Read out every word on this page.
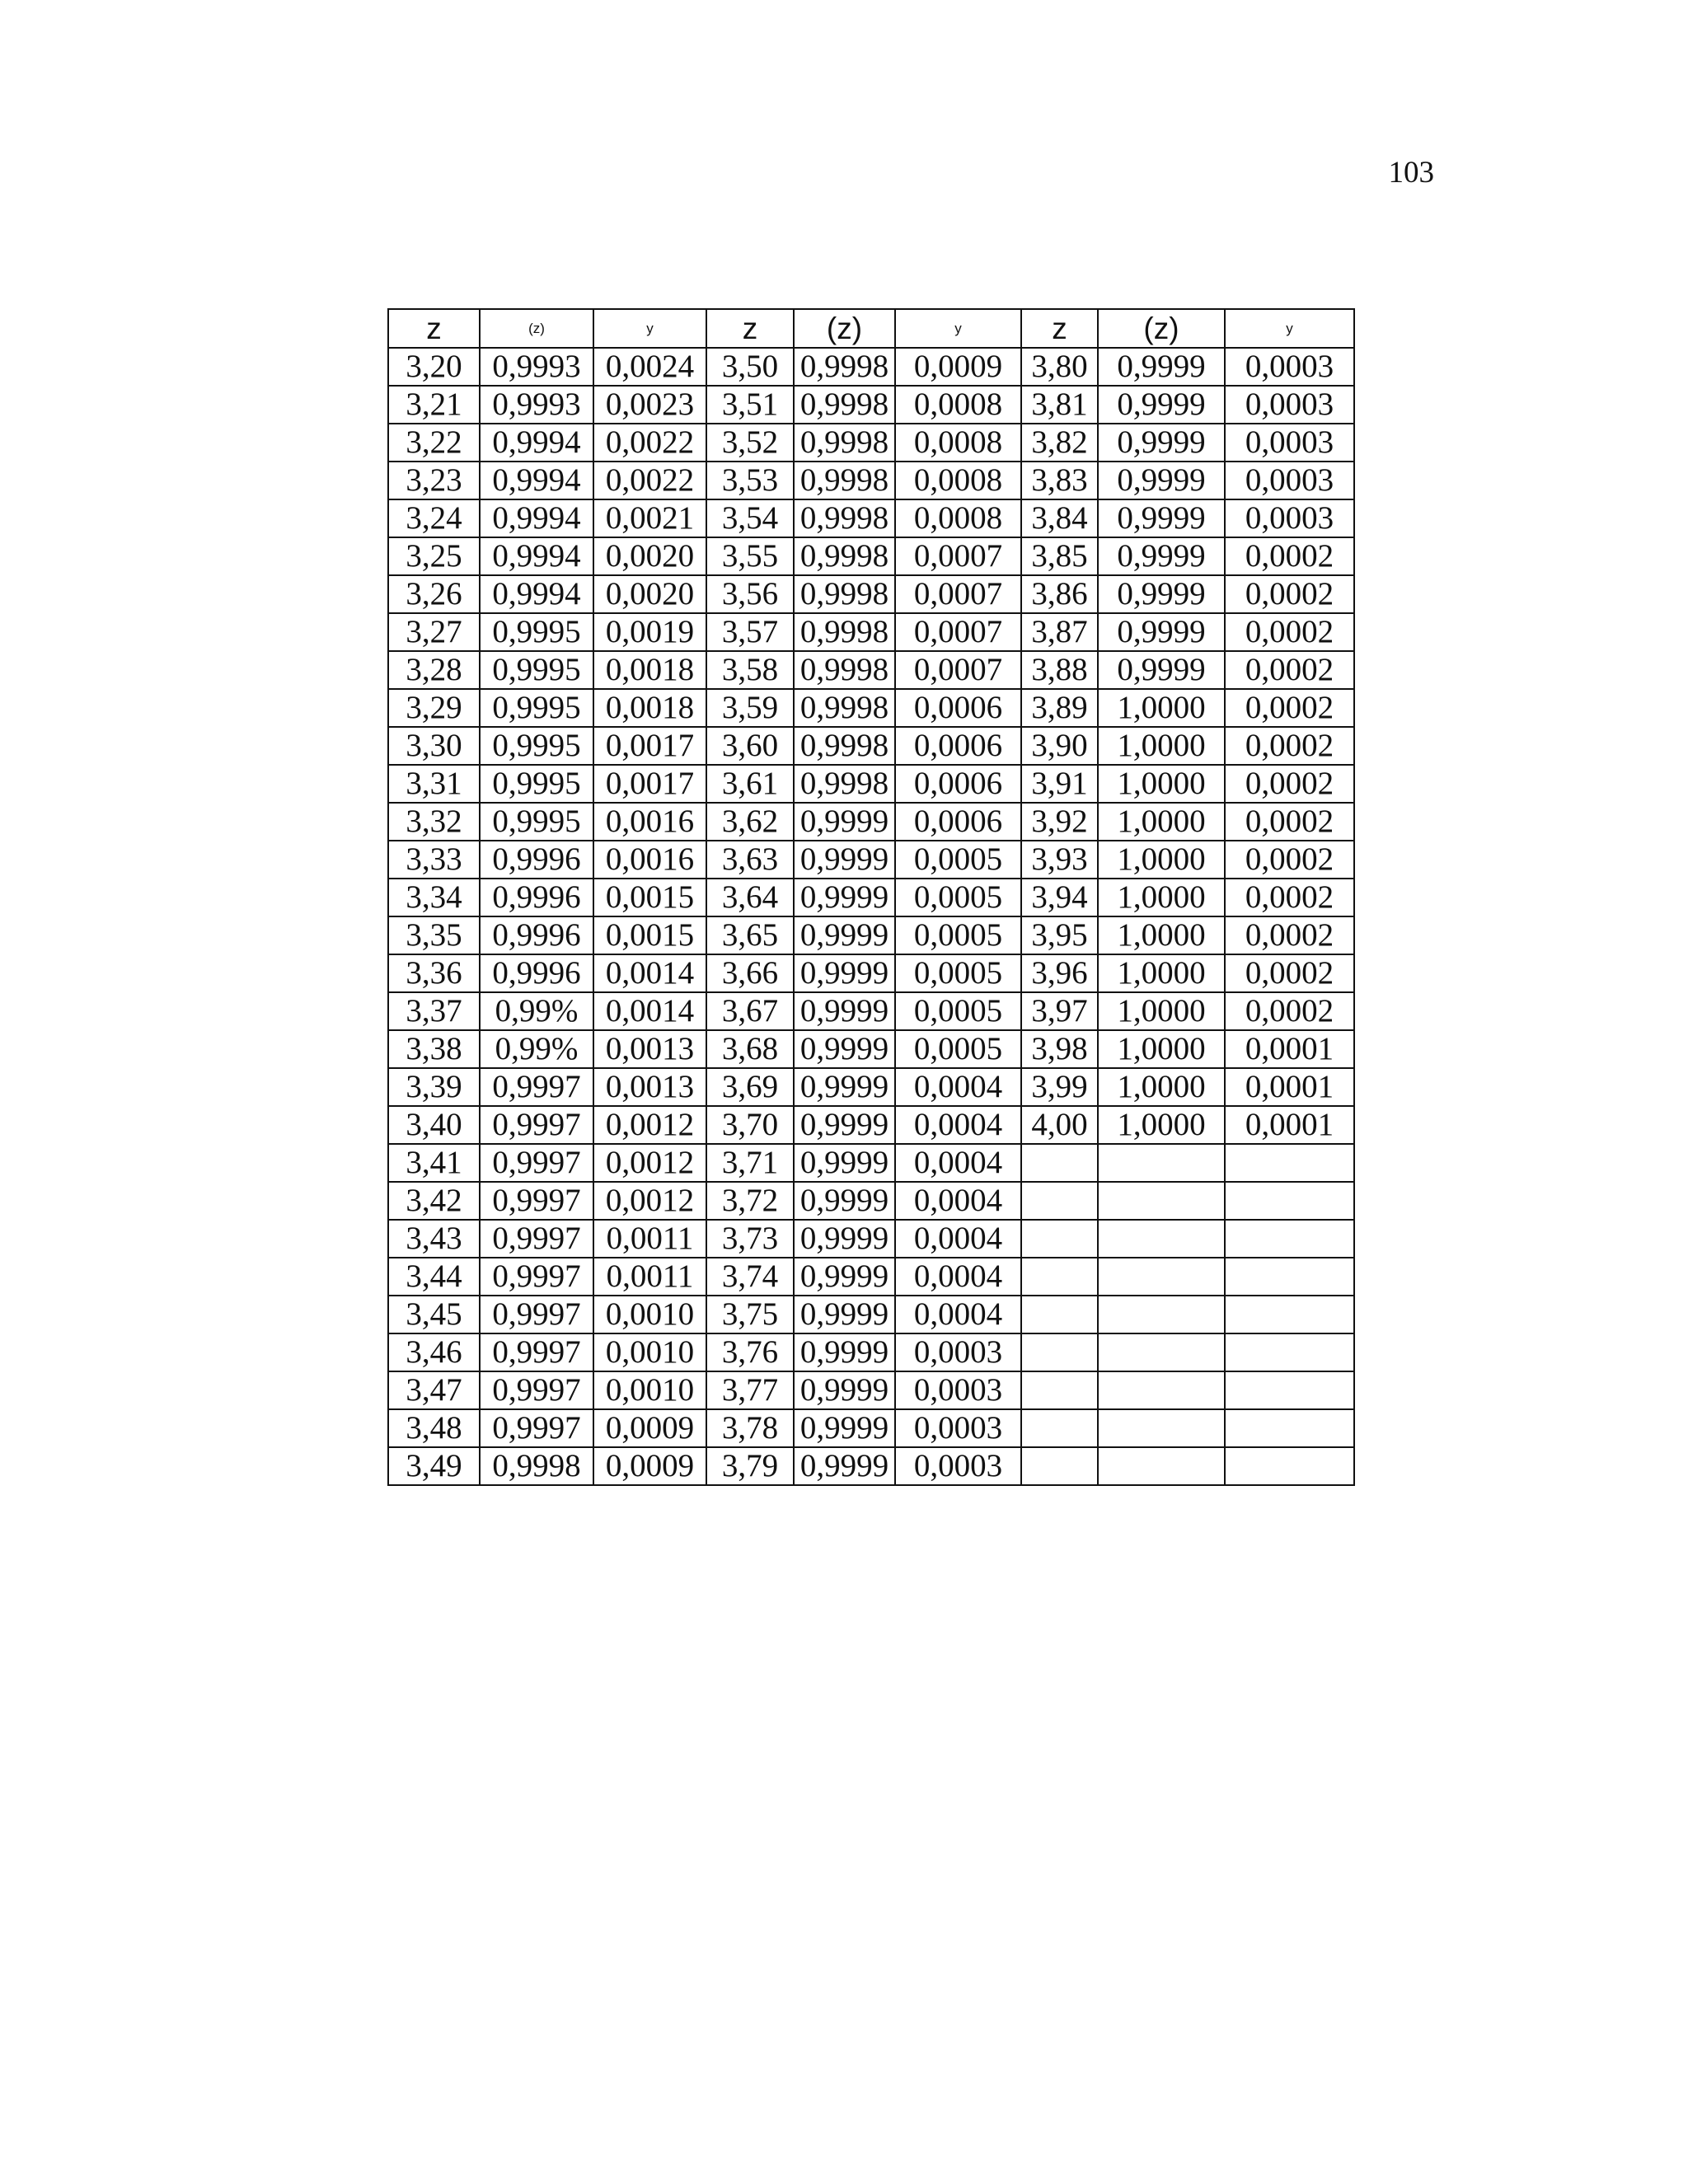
103
z	(z)	y	z	(z)	y	z	(z)	y
3,20	0,9993	0,0024	3,50	0,9998	0,0009	3,80	0,9999	0,0003
3,21	0,9993	0,0023	3,51	0,9998	0,0008	3,81	0,9999	0,0003
3,22	0,9994	0,0022	3,52	0,9998	0,0008	3,82	0,9999	0,0003
3,23	0,9994	0,0022	3,53	0,9998	0,0008	3,83	0,9999	0,0003
3,24	0,9994	0,0021	3,54	0,9998	0,0008	3,84	0,9999	0,0003
3,25	0,9994	0,0020	3,55	0,9998	0,0007	3,85	0,9999	0,0002
3,26	0,9994	0,0020	3,56	0,9998	0,0007	3,86	0,9999	0,0002
3,27	0,9995	0,0019	3,57	0,9998	0,0007	3,87	0,9999	0,0002
3,28	0,9995	0,0018	3,58	0,9998	0,0007	3,88	0,9999	0,0002
3,29	0,9995	0,0018	3,59	0,9998	0,0006	3,89	1,0000	0,0002
3,30	0,9995	0,0017	3,60	0,9998	0,0006	3,90	1,0000	0,0002
3,31	0,9995	0,0017	3,61	0,9998	0,0006	3,91	1,0000	0,0002
3,32	0,9995	0,0016	3,62	0,9999	0,0006	3,92	1,0000	0,0002
3,33	0,9996	0,0016	3,63	0,9999	0,0005	3,93	1,0000	0,0002
3,34	0,9996	0,0015	3,64	0,9999	0,0005	3,94	1,0000	0,0002
3,35	0,9996	0,0015	3,65	0,9999	0,0005	3,95	1,0000	0,0002
3,36	0,9996	0,0014	3,66	0,9999	0,0005	3,96	1,0000	0,0002
3,37	0,99%	0,0014	3,67	0,9999	0,0005	3,97	1,0000	0,0002
3,38	0,99%	0,0013	3,68	0,9999	0,0005	3,98	1,0000	0,0001
3,39	0,9997	0,0013	3,69	0,9999	0,0004	3,99	1,0000	0,0001
3,40	0,9997	0,0012	3,70	0,9999	0,0004	4,00	1,0000	0,0001
3,41	0,9997	0,0012	3,71	0,9999	0,0004			
3,42	0,9997	0,0012	3,72	0,9999	0,0004			
3,43	0,9997	0,0011	3,73	0,9999	0,0004			
3,44	0,9997	0,0011	3,74	0,9999	0,0004			
3,45	0,9997	0,0010	3,75	0,9999	0,0004			
3,46	0,9997	0,0010	3,76	0,9999	0,0003			
3,47	0,9997	0,0010	3,77	0,9999	0,0003			
3,48	0,9997	0,0009	3,78	0,9999	0,0003			
3,49	0,9998	0,0009	3,79	0,9999	0,0003			
